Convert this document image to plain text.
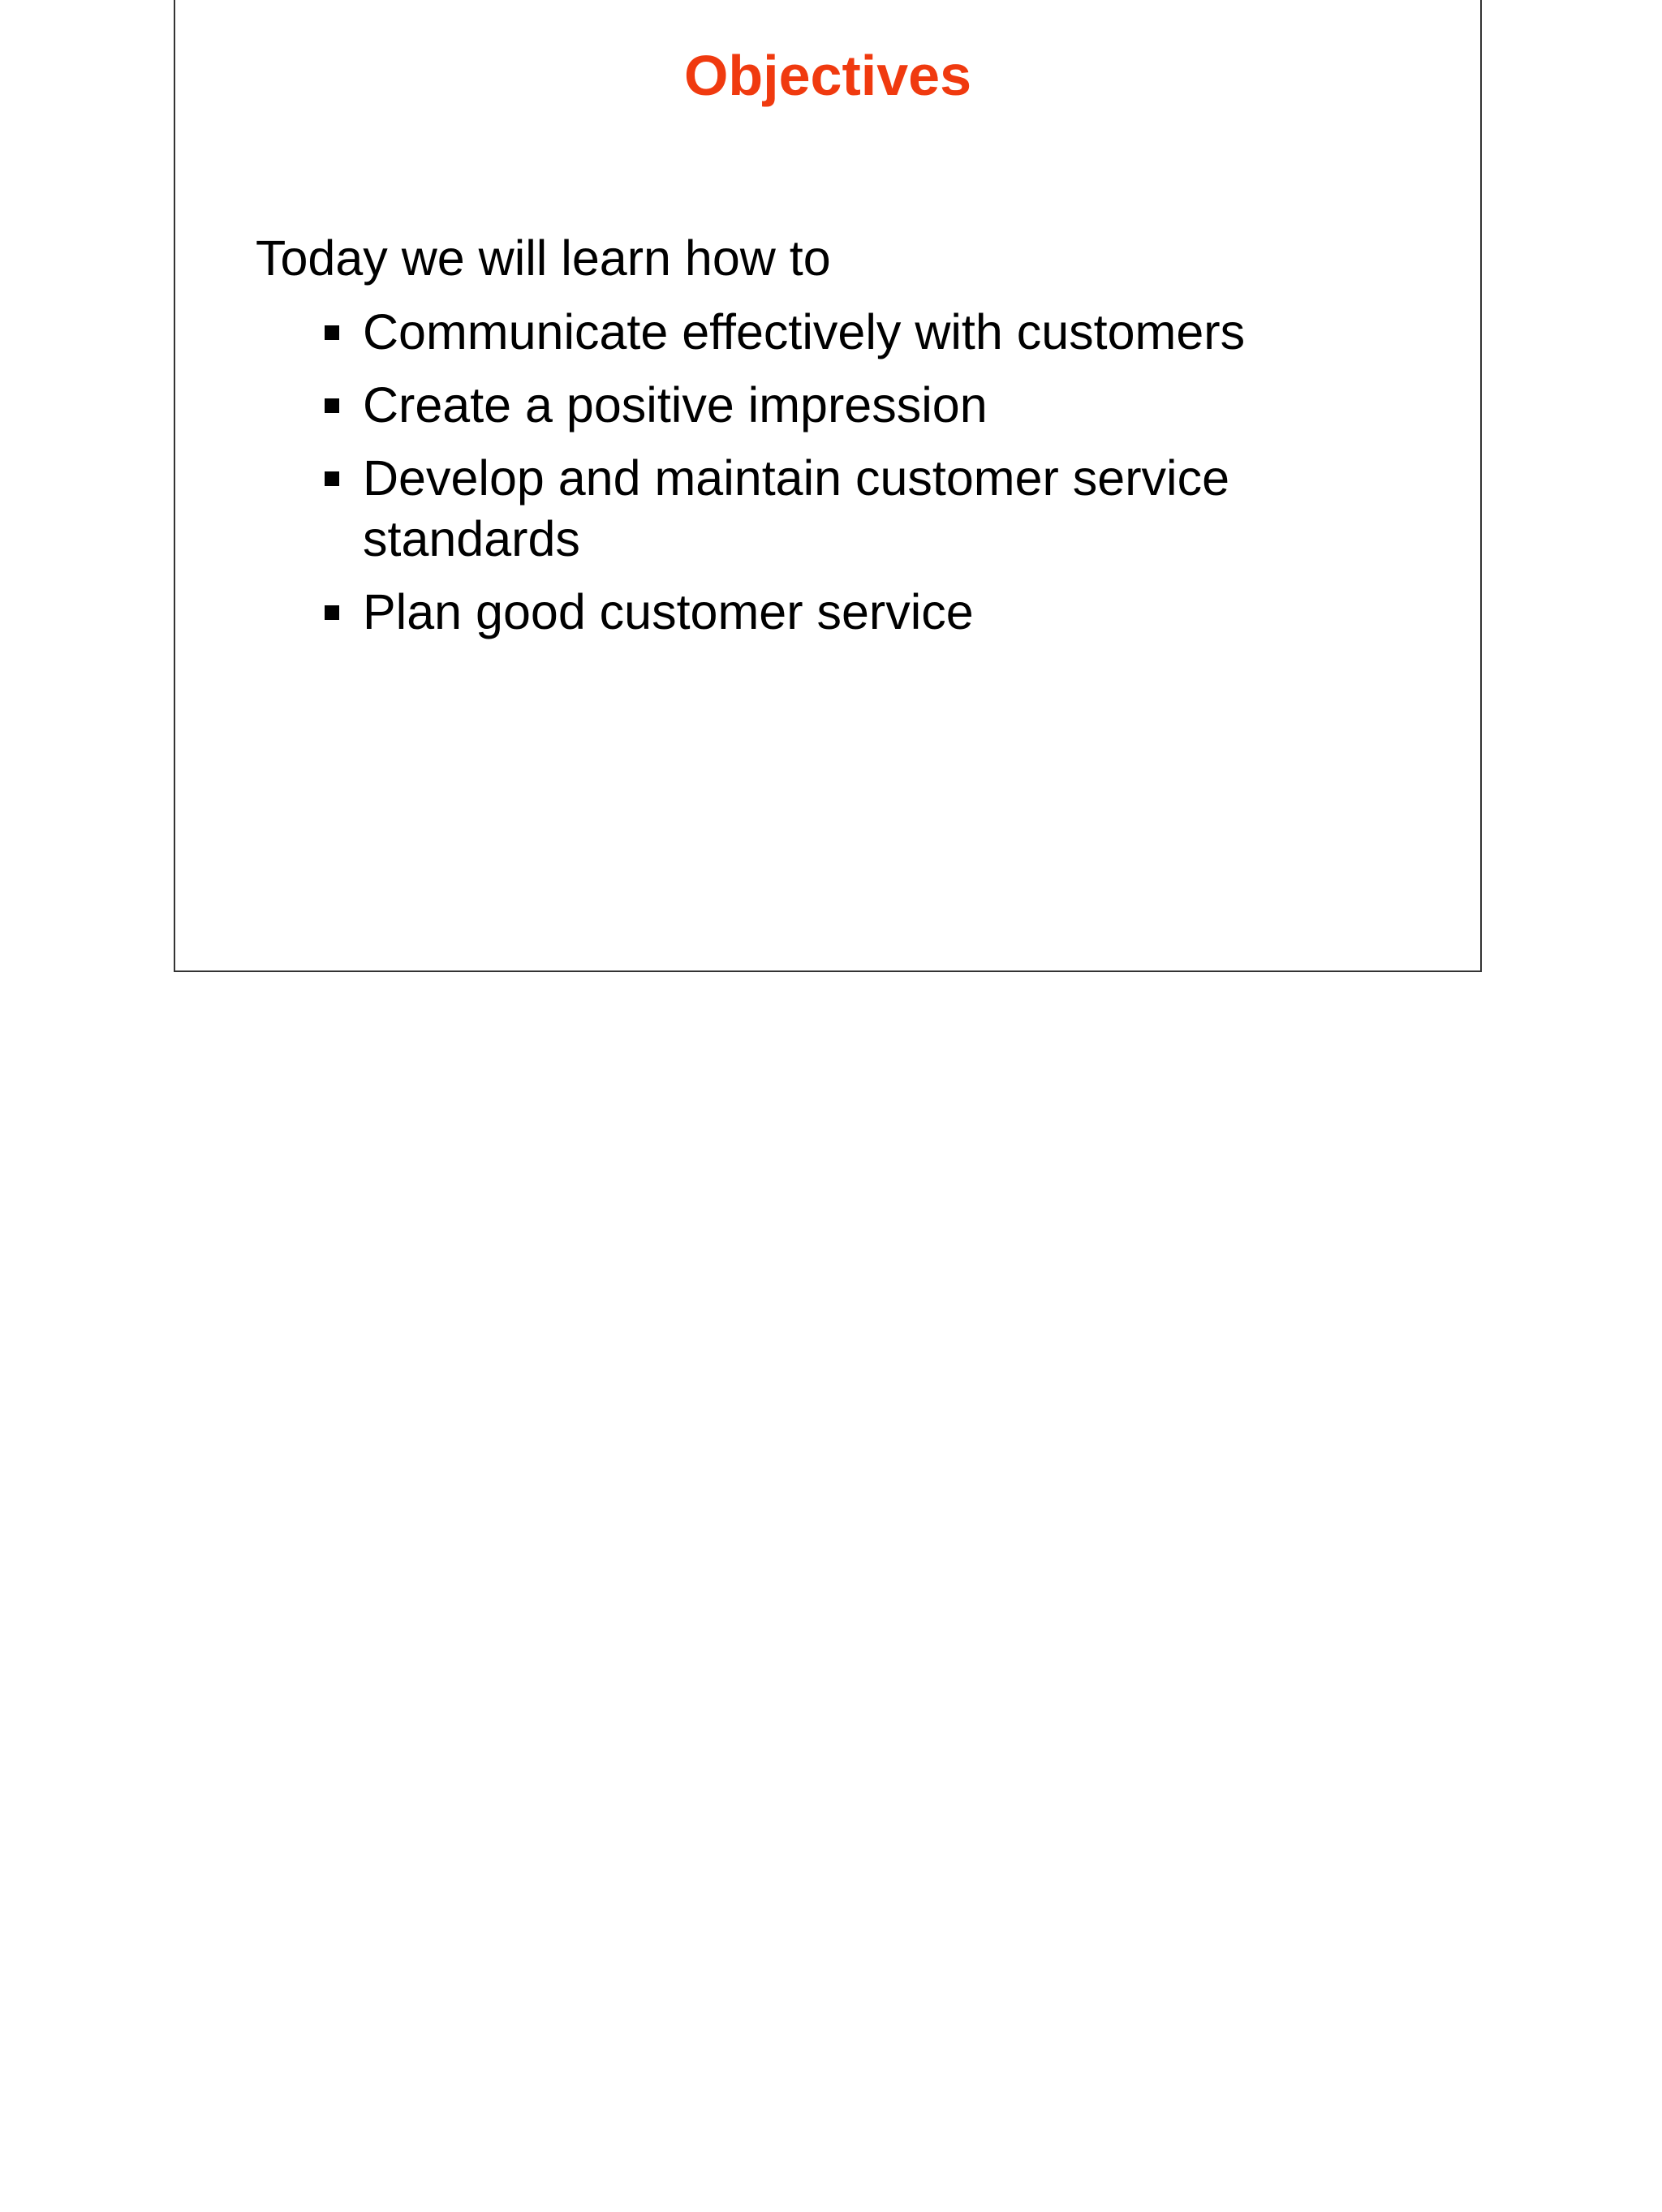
Objectives

Today we will learn how to

Communicate effectively with customers
Create a positive impression
Develop and maintain customer service standards
Plan good customer service
